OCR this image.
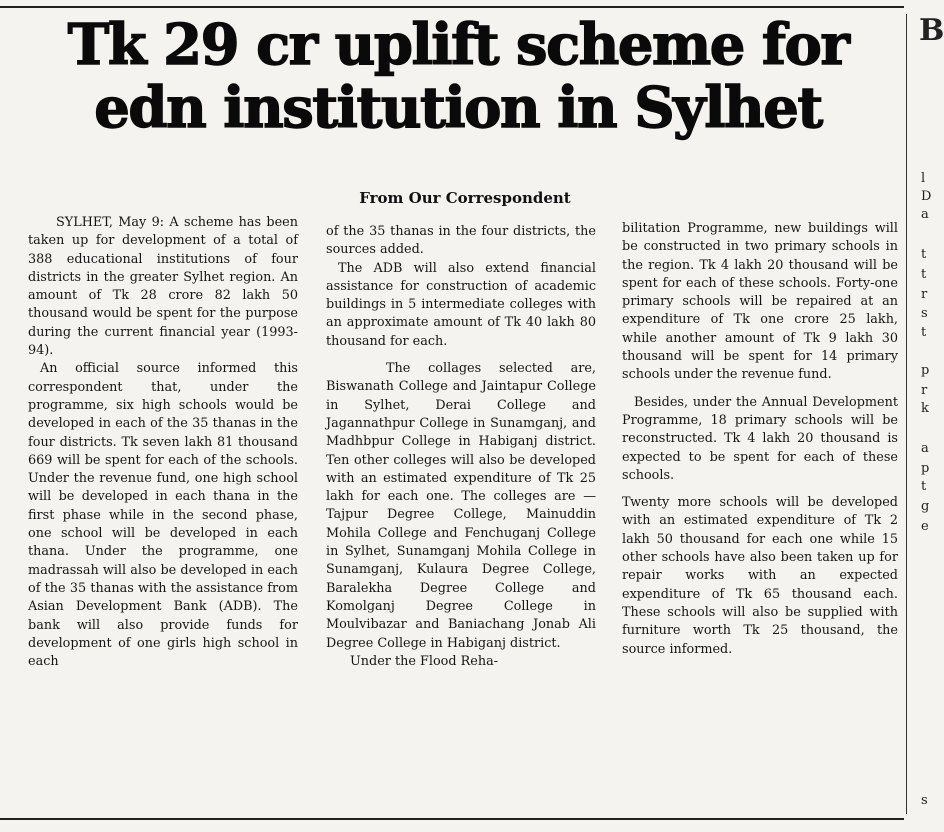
Tk 29 cr uplift scheme for
edn institution in Sylhet
From Our Correspondent

SYLHET, May 9: A scheme has been taken up for development of a total of 388 educational institutions of four districts in the greater Sylhet region. An amount of Tk 28 crore 82 lakh 50 thousand would be spent for the purpose during the current financial year (1993-94).

An official source informed this correspondent that, under the programme, six high schools would be developed in each of the 35 thanas in the four districts. Tk seven lakh 81 thousand 669 will be spent for each of the schools. Under the revenue fund, one high school will be developed in each thana in the first phase while in the second phase, one school will be developed in each thana. Under the programme, one madrassah will also be developed in each of the 35 thanas with the assistance from Asian Development Bank (ADB). The bank will also provide funds for development of one girls high school in each

of the 35 thanas in the four districts, the sources added.

The ADB will also extend financial assistance for construction of academic buildings in 5 intermediate colleges with an approximate amount of Tk 40 lakh 80 thousand for each.

The collages selected are, Biswanath College and Jaintapur College in Sylhet, Derai College and Jagannathpur College in Sunamganj, and Madhbpur College in Habiganj district. Ten other colleges will also be developed with an estimated expenditure of Tk 25 lakh for each one. The colleges are — Tajpur Degree College, Mainuddin Mohila College and Fenchuganj College in Sylhet, Sunamganj Mohila College in Sunamganj, Kulaura Degree College, Baralekha Degree College and Komolganj Degree College in Moulvibazar and Baniachang Jonab Ali Degree College in Habiganj district.

Under the Flood Reha-

bilitation Programme, new buildings will be constructed in two primary schools in the region. Tk 4 lakh 20 thousand will be spent for each of these schools. Forty-one primary schools will be repaired at an expenditure of Tk one crore 25 lakh, while another amount of Tk 9 lakh 30 thousand will be spent for 14 primary schools under the revenue fund.

Besides, under the Annual Development Programme, 18 primary schools will be reconstructed. Tk 4 lakh 20 thousand is expected to be spent for each of these schools.

Twenty more schools will be developed with an estimated expenditure of Tk 2 lakh 50 thousand for each one while 15 other schools have also been taken up for repair works with an expected expenditure of Tk 65 thousand each. These schools will also be supplied with furniture worth Tk 25 thousand, the source informed.

B
l
D
a
t
t
r
s
t
p
r
k
a
p
t
g
e
s
